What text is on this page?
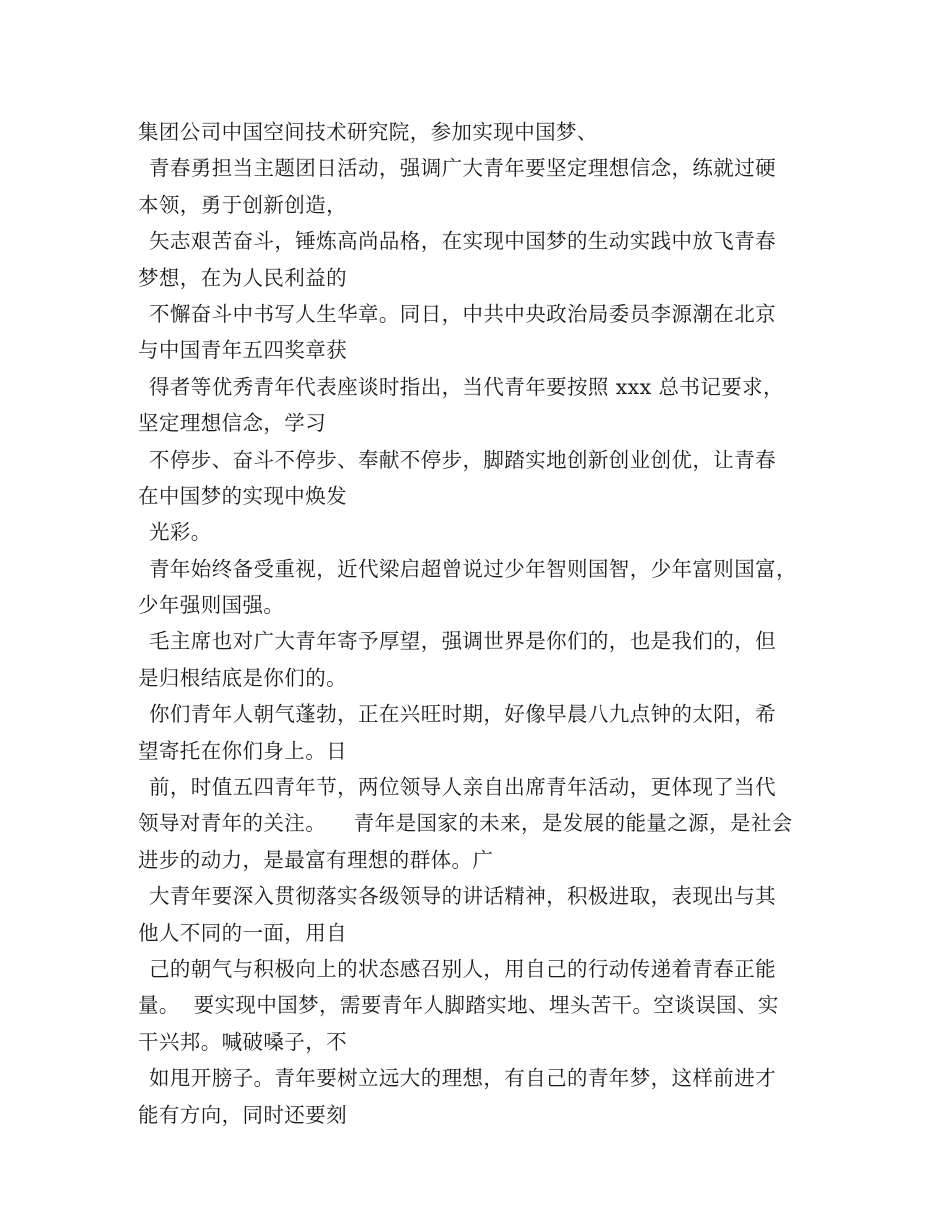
集团公司中国空间技术研究院，参加实现中国梦、
青春勇担当主题团日活动，强调广大青年要坚定理想信念，练就过硬
本领，勇于创新创造，
矢志艰苦奋斗，锤炼高尚品格，在实现中国梦的生动实践中放飞青春
梦想，在为人民利益的
不懈奋斗中书写人生华章。同日，中共中央政治局委员李源潮在北京
与中国青年五四奖章获
得者等优秀青年代表座谈时指出，当代青年要按照 xxx 总书记要求，
坚定理想信念，学习
不停步、奋斗不停步、奉献不停步，脚踏实地创新创业创优，让青春
在中国梦的实现中焕发
光彩。
青年始终备受重视，近代梁启超曾说过少年智则国智，少年富则国富，
少年强则国强。
毛主席也对广大青年寄予厚望，强调世界是你们的，也是我们的，但
是归根结底是你们的。
你们青年人朝气蓬勃，正在兴旺时期，好像早晨八九点钟的太阳，希
望寄托在你们身上。日
前，时值五四青年节，两位领导人亲自出席青年活动，更体现了当代
领导对青年的关注。    青年是国家的未来，是发展的能量之源，是社会
进步的动力，是最富有理想的群体。广
大青年要深入贯彻落实各级领导的讲话精神，积极进取，表现出与其
他人不同的一面，用自
己的朝气与积极向上的状态感召别人，用自己的行动传递着青春正能
量。  要实现中国梦，需要青年人脚踏实地、埋头苦干。空谈误国、实
干兴邦。喊破嗓子，不
如甩开膀子。青年要树立远大的理想，有自己的青年梦，这样前进才
能有方向，同时还要刻
